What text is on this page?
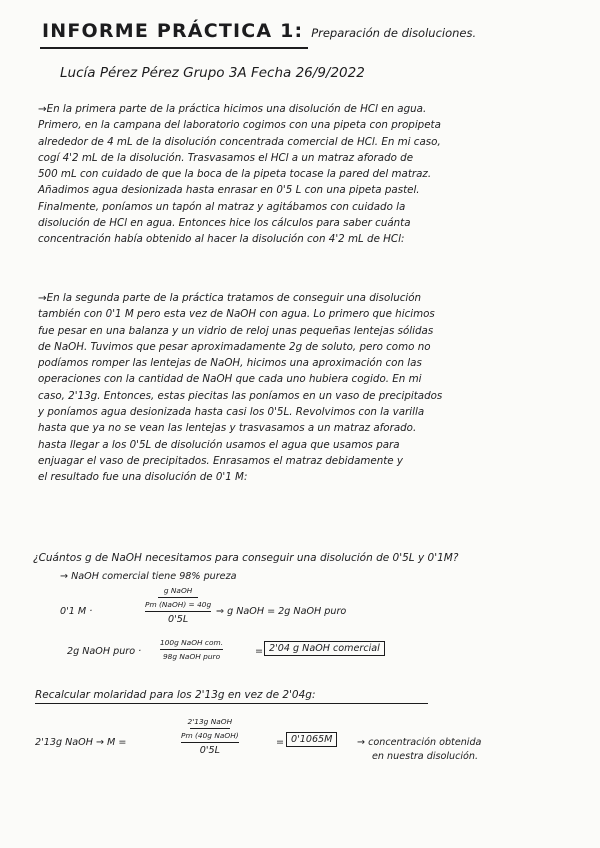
INFORME PRÁCTICA 1: Preparación de disoluciones.
Lucía Pérez Pérez Grupo 3A Fecha 26/9/2022
→En la primera parte de la práctica hicimos una disolución de HCl en agua.
Primero, en la campana del laboratorio cogimos con una pipeta con propipeta
alrededor de 4 mL de la disolución concentrada comercial de HCl. En mi caso,
cogí 4'2 mL de la disolución. Trasvasamos el HCl a un matraz aforado de
500 mL con cuidado de que la boca de la pipeta tocase la pared del matraz.
Añadimos agua desionizada hasta enrasar en 0'5 L con una pipeta pastel.
Finalmente, poníamos un tapón al matraz y agitábamos con cuidado la
disolución de HCl en agua. Entonces hice los cálculos para saber cuánta
concentración había obtenido al hacer la disolución con 4'2 mL de HCl:
→En la segunda parte de la práctica tratamos de conseguir una disolución
también con 0'1 M pero esta vez de NaOH con agua. Lo primero que hicimos
fue pesar en una balanza y un vidrio de reloj unas pequeñas lentejas sólidas
de NaOH. Tuvimos que pesar aproximadamente 2g de soluto, pero como no
podíamos romper las lentejas de NaOH, hicimos una aproximación con las
operaciones con la cantidad de NaOH que cada uno hubiera cogido. En mi
caso, 2'13g. Entonces, estas piecitas las poníamos en un vaso de precipitados
y poníamos agua desionizada hasta casi los 0'5L. Revolvimos con la varilla
hasta que ya no se vean las lentejas y trasvasamos a un matraz aforado.
hasta llegar a los 0'5L de disolución usamos el agua que usamos para
enjuagar el vaso de precipitados. Enrasamos el matraz debidamente y
el resultado fue una disolución de 0'1 M:
¿Cuántos g de NaOH necesitamos para conseguir una disolución de 0'5L y 0'1M?
→ NaOH comercial tiene 98% pureza
0'1 M ·
g NaOH
Pm (NaOH) = 40g
0'5L
⇒ g NaOH = 2g NaOH puro
2g NaOH puro ·
100g NaOH com.
98g NaOH puro	= 2'04 g NaOH comercial
Recalcular molaridad para los 2'13g en vez de 2'04g:
2'13g NaOH → M =
2'13g NaOH
Pm (40g NaOH)
0'5L
= 0'1065M	→ concentración obtenida
en nuestra disolución.
